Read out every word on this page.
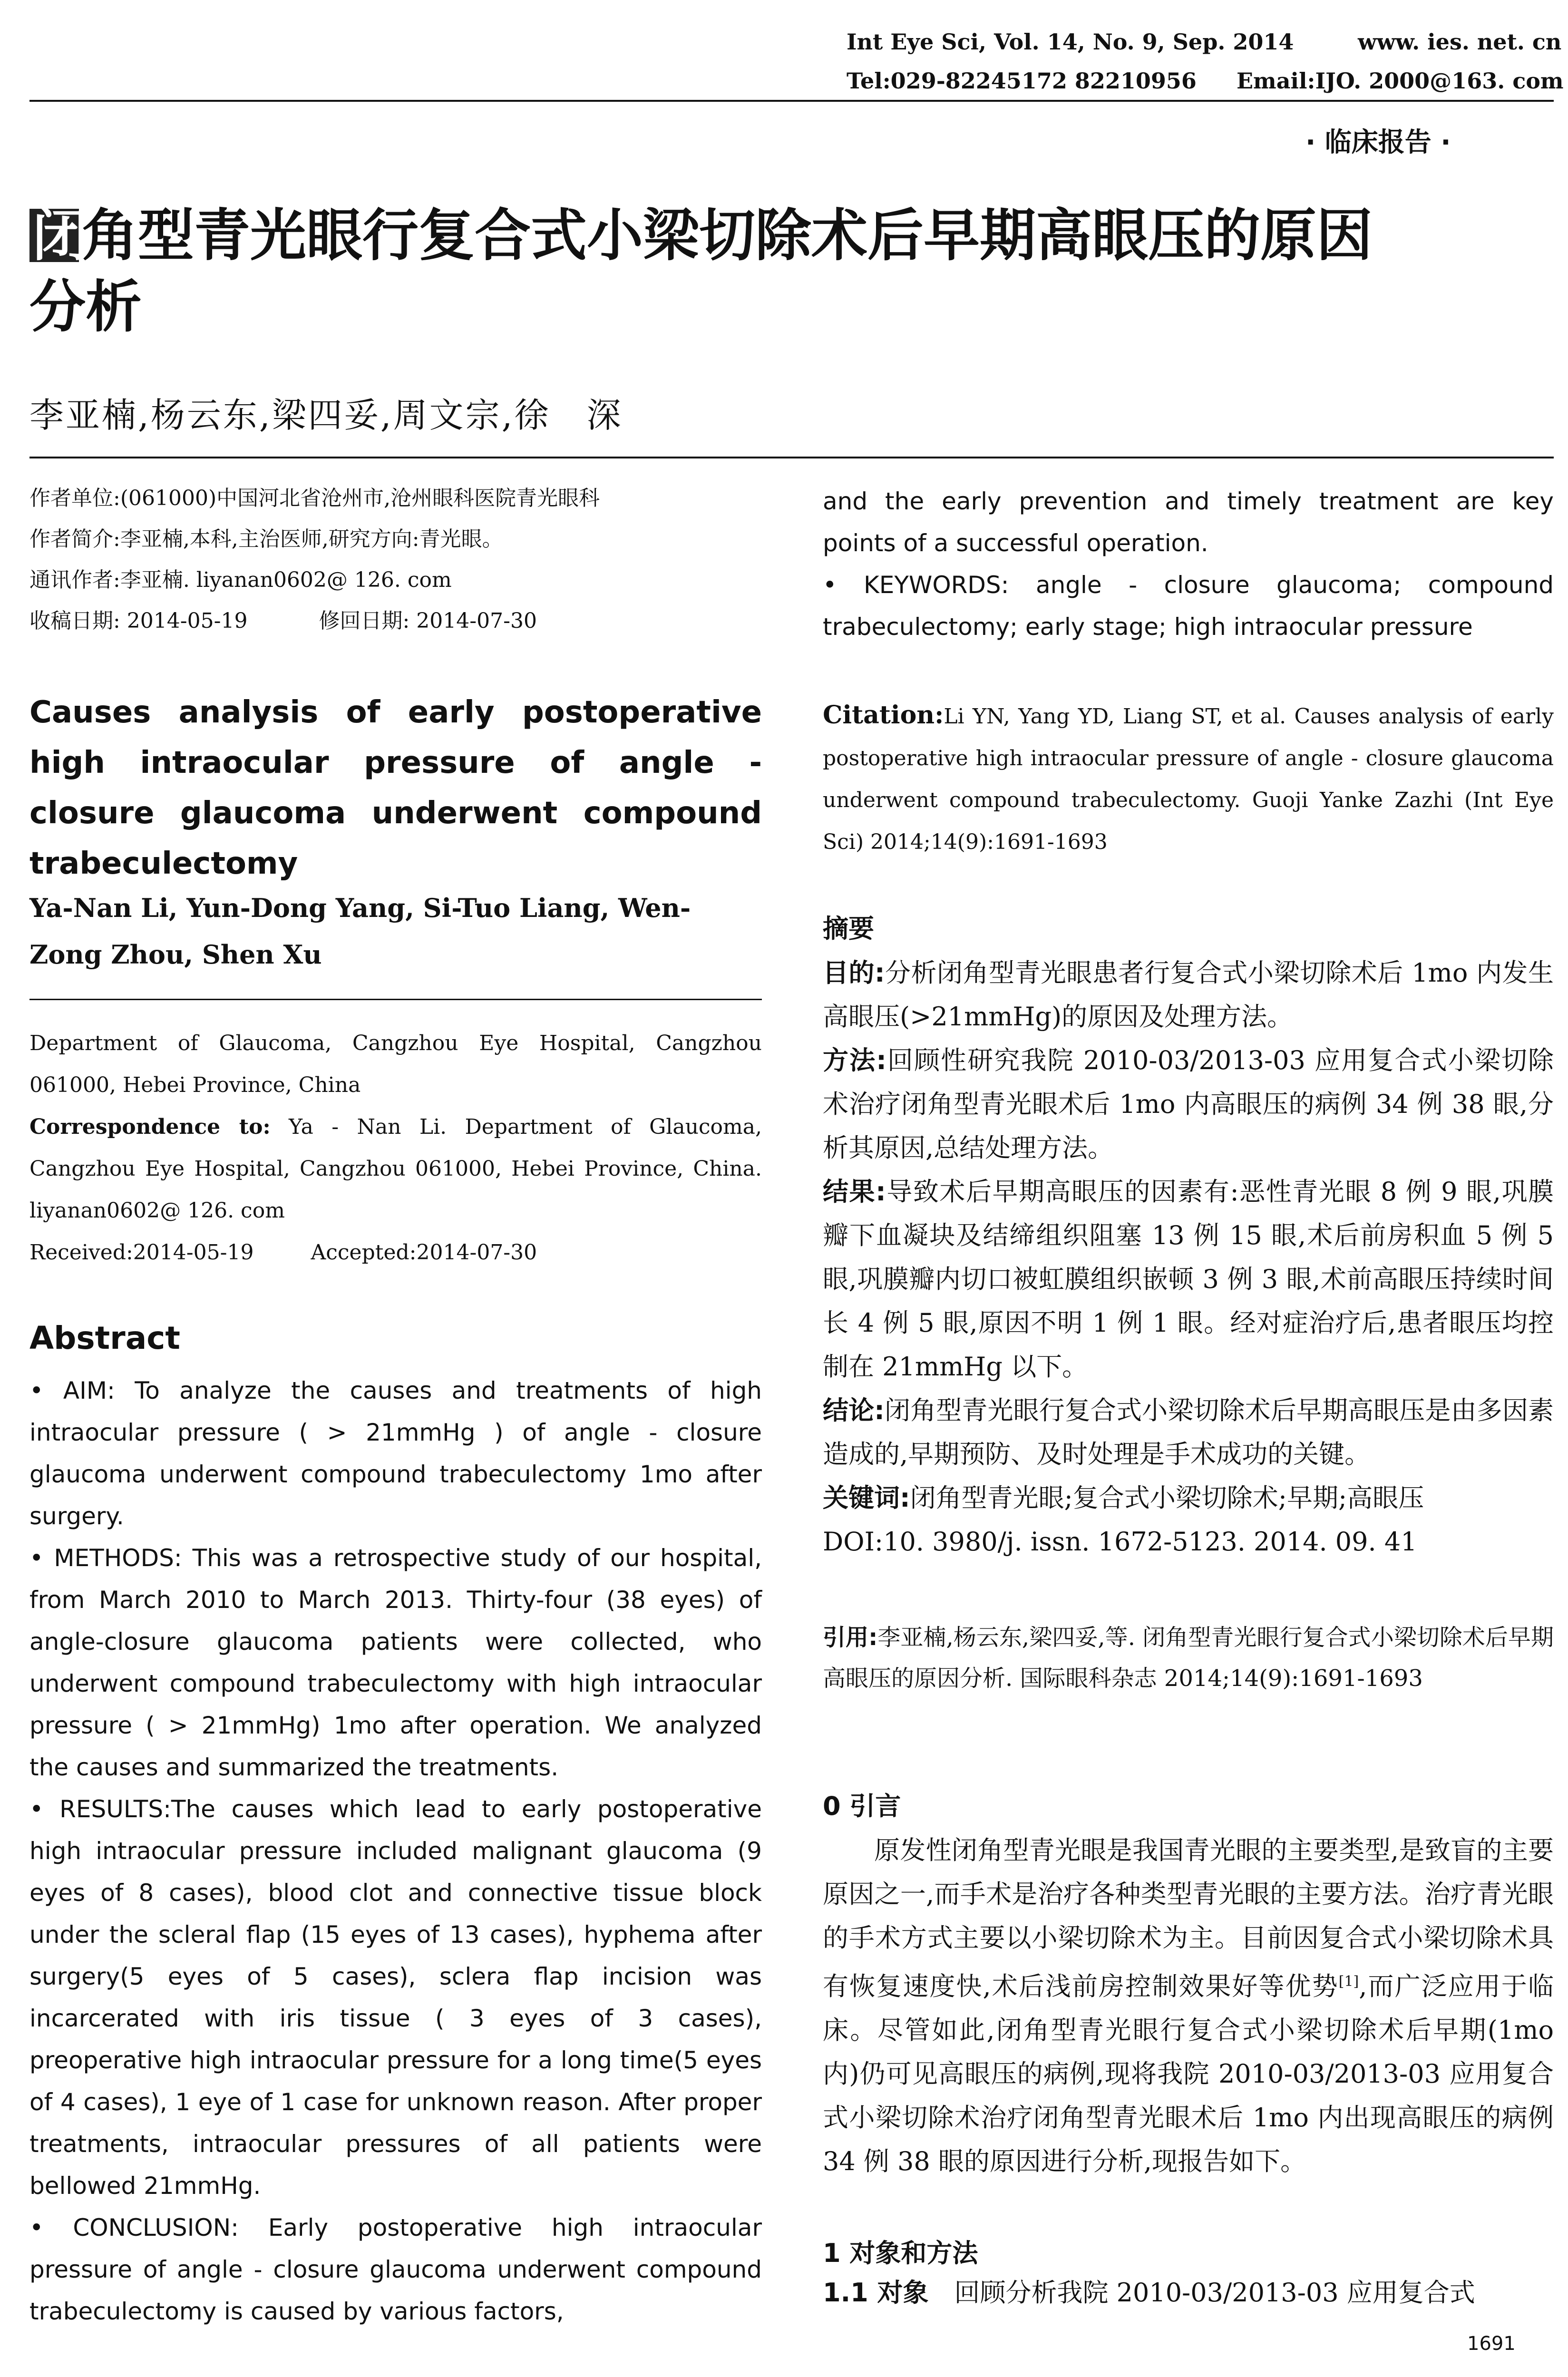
Int Eye Sci, Vol. 14, No. 9, Sep. 2014	www. ies. net. cn
Tel:029-82245172 82210956 Email:IJO. 2000@163. com
· 临床报告 ·
闭角型青光眼行复合式小梁切除术后早期高眼压的原因
分析
李亚楠,杨云东,梁四妥,周文宗,徐　深
作者单位:(061000)中国河北省沧州市,沧州眼科医院青光眼科
作者简介:李亚楠,本科,主治医师,研究方向:青光眼。
通讯作者:李亚楠. liyanan0602@ 126. com
收稿日期: 2014-05-19	修回日期: 2014-07-30
Causes analysis of early postoperative high intraocular pressure of angle - closure glaucoma underwent compound trabeculectomy
Ya-Nan Li, Yun-Dong Yang, Si-Tuo Liang, Wen-Zong Zhou, Shen Xu
Department of Glaucoma, Cangzhou Eye Hospital, Cangzhou 061000, Hebei Province, China
Correspondence to: Ya - Nan Li. Department of Glaucoma, Cangzhou Eye Hospital, Cangzhou 061000, Hebei Province, China. liyanan0602@ 126. com
Received:2014-05-19	Accepted:2014-07-30
Abstract

• AIM: To analyze the causes and treatments of high intraocular pressure ( > 21mmHg ) of angle - closure glaucoma underwent compound trabeculectomy 1mo after surgery.

• METHODS: This was a retrospective study of our hospital, from March 2010 to March 2013. Thirty-four (38 eyes) of angle-closure glaucoma patients were collected, who underwent compound trabeculectomy with high intraocular pressure ( > 21mmHg) 1mo after operation. We analyzed the causes and summarized the treatments.

• RESULTS:The causes which lead to early postoperative high intraocular pressure included malignant glaucoma (9 eyes of 8 cases), blood clot and connective tissue block under the scleral flap (15 eyes of 13 cases), hyphema after surgery(5 eyes of 5 cases), sclera flap incision was incarcerated with iris tissue ( 3 eyes of 3 cases), preoperative high intraocular pressure for a long time(5 eyes of 4 cases), 1 eye of 1 case for unknown reason. After proper treatments, intraocular pressures of all patients were bellowed 21mmHg.

• CONCLUSION: Early postoperative high intraocular pressure of angle - closure glaucoma underwent compound trabeculectomy is caused by various factors,

and the early prevention and timely treatment are key points of a successful operation.

• KEYWORDS: angle - closure glaucoma; compound trabeculectomy; early stage; high intraocular pressure

Citation:Li YN, Yang YD, Liang ST, et al. Causes analysis of early postoperative high intraocular pressure of angle - closure glaucoma underwent compound trabeculectomy. Guoji Yanke Zazhi (Int Eye Sci) 2014;14(9):1691-1693
摘要

目的:分析闭角型青光眼患者行复合式小梁切除术后 1mo 内发生高眼压(>21mmHg)的原因及处理方法。

方法:回顾性研究我院 2010-03/2013-03 应用复合式小梁切除术治疗闭角型青光眼术后 1mo 内高眼压的病例 34 例 38 眼,分析其原因,总结处理方法。

结果:导致术后早期高眼压的因素有:恶性青光眼 8 例 9 眼,巩膜瓣下血凝块及结缔组织阻塞 13 例 15 眼,术后前房积血 5 例 5 眼,巩膜瓣内切口被虹膜组织嵌顿 3 例 3 眼,术前高眼压持续时间长 4 例 5 眼,原因不明 1 例 1 眼。经对症治疗后,患者眼压均控制在 21mmHg 以下。

结论:闭角型青光眼行复合式小梁切除术后早期高眼压是由多因素造成的,早期预防、及时处理是手术成功的关键。

关键词:闭角型青光眼;复合式小梁切除术;早期;高眼压

DOI:10. 3980/j. issn. 1672-5123. 2014. 09. 41

引用:李亚楠,杨云东,梁四妥,等. 闭角型青光眼行复合式小梁切除术后早期高眼压的原因分析. 国际眼科杂志 2014;14(9):1691-1693
0 引言

原发性闭角型青光眼是我国青光眼的主要类型,是致盲的主要原因之一,而手术是治疗各种类型青光眼的主要方法。治疗青光眼的手术方式主要以小梁切除术为主。目前因复合式小梁切除术具有恢复速度快,术后浅前房控制效果好等优势[1],而广泛应用于临床。尽管如此,闭角型青光眼行复合式小梁切除术后早期(1mo 内)仍可见高眼压的病例,现将我院 2010-03/2013-03 应用复合式小梁切除术治疗闭角型青光眼术后 1mo 内出现高眼压的病例 34 例 38 眼的原因进行分析,现报告如下。

1 对象和方法
1.1 对象　回顾分析我院 2010-03/2013-03 应用复合式
1691
